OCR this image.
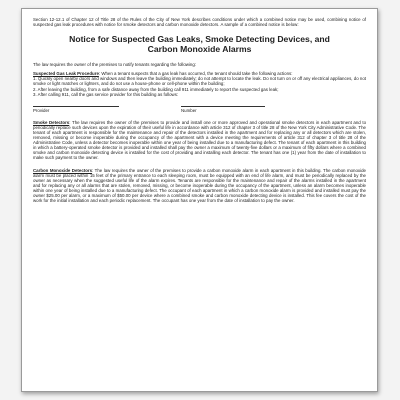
Section 12-12.1 of Chapter 12 of Title 28 of the Rules of the City of New York describes conditions under which a combined notice may be used, combining notice of suspected gas leak procedures with notice for smoke detectors and carbon monoxide detectors. A sample of a combined notice is below:

Notice for Suspected Gas Leaks, Smoke Detecting Devices, and Carbon Monoxide Alarms

The law requires the owner of the premises to notify tenants regarding the following:

Suspected Gas Leak Procedure: When a tenant suspects that a gas leak has occurred, the tenant should take the following actions:

1. Quickly open nearby doors and windows and then leave the building immediately; do not attempt to locate the leak. Do not turn on or off any electrical appliances, do not smoke or light matches or lighters, and do not use a house-phone or cell-phone within the building;

2. After leaving the building, from a safe distance away from the building call 911 immediately to report the suspected gas leak;

3. After calling 911, call the gas service provider for this building as follows:

Provider	Number

Smoke Detectors: The law requires the owner of the premises to provide and install one or more approved and operational smoke detectors in each apartment and to periodically replace such devices upon the expiration of their useful life in accordance with article 312 of chapter 3 of title 28 of the New York City Administrative Code. The tenant of each apartment is responsible for the maintenance and repair of the detectors installed in the apartment and for replacing any or all detectors which are stolen, removed, missing or become inoperable during the occupancy of the apartment with a device meeting the requirements of article 312 of chapter 3 of title 28 of the Administrative Code, unless a detector becomes inoperable within one year of being installed due to a manufacturing defect. The tenant of each apartment in this building in which a battery-operated smoke detector is provided and installed shall pay the owner a maximum of twenty-five dollars or a maximum of fifty dollars where a combined smoke and carbon monoxide detecting device is installed for the cost of providing and installing each detector. The tenant has one (1) year from the date of installation to make such payment to the owner.

Carbon Monoxide Detectors: The law requires the owner of the premises to provide a carbon monoxide alarm in each apartment in this building. The carbon monoxide alarm must be placed within 15 feet of the primary entrance to each sleeping room, must be equipped with an end of life alarm, and must be periodically replaced by the owner as necessary when the suggested useful life of the alarm expires. Tenants are responsible for the maintenance and repair of the alarms installed in the apartment and for replacing any or all alarms that are stolen, removed, missing, or become inoperable during the occupancy of the apartment, unless an alarm becomes inoperable within one year of being installed due to a manufacturing defect. The occupant of each apartment in which a carbon monoxide alarm is provided and installed must pay the owner $25.00 per alarm, or a maximum of $50.00 per device where a combined smoke and carbon monoxide detecting device is installed. This fee covers the cost of the work for the initial installation and each periodic replacement. The occupant has one year from the date of installation to pay the owner.
